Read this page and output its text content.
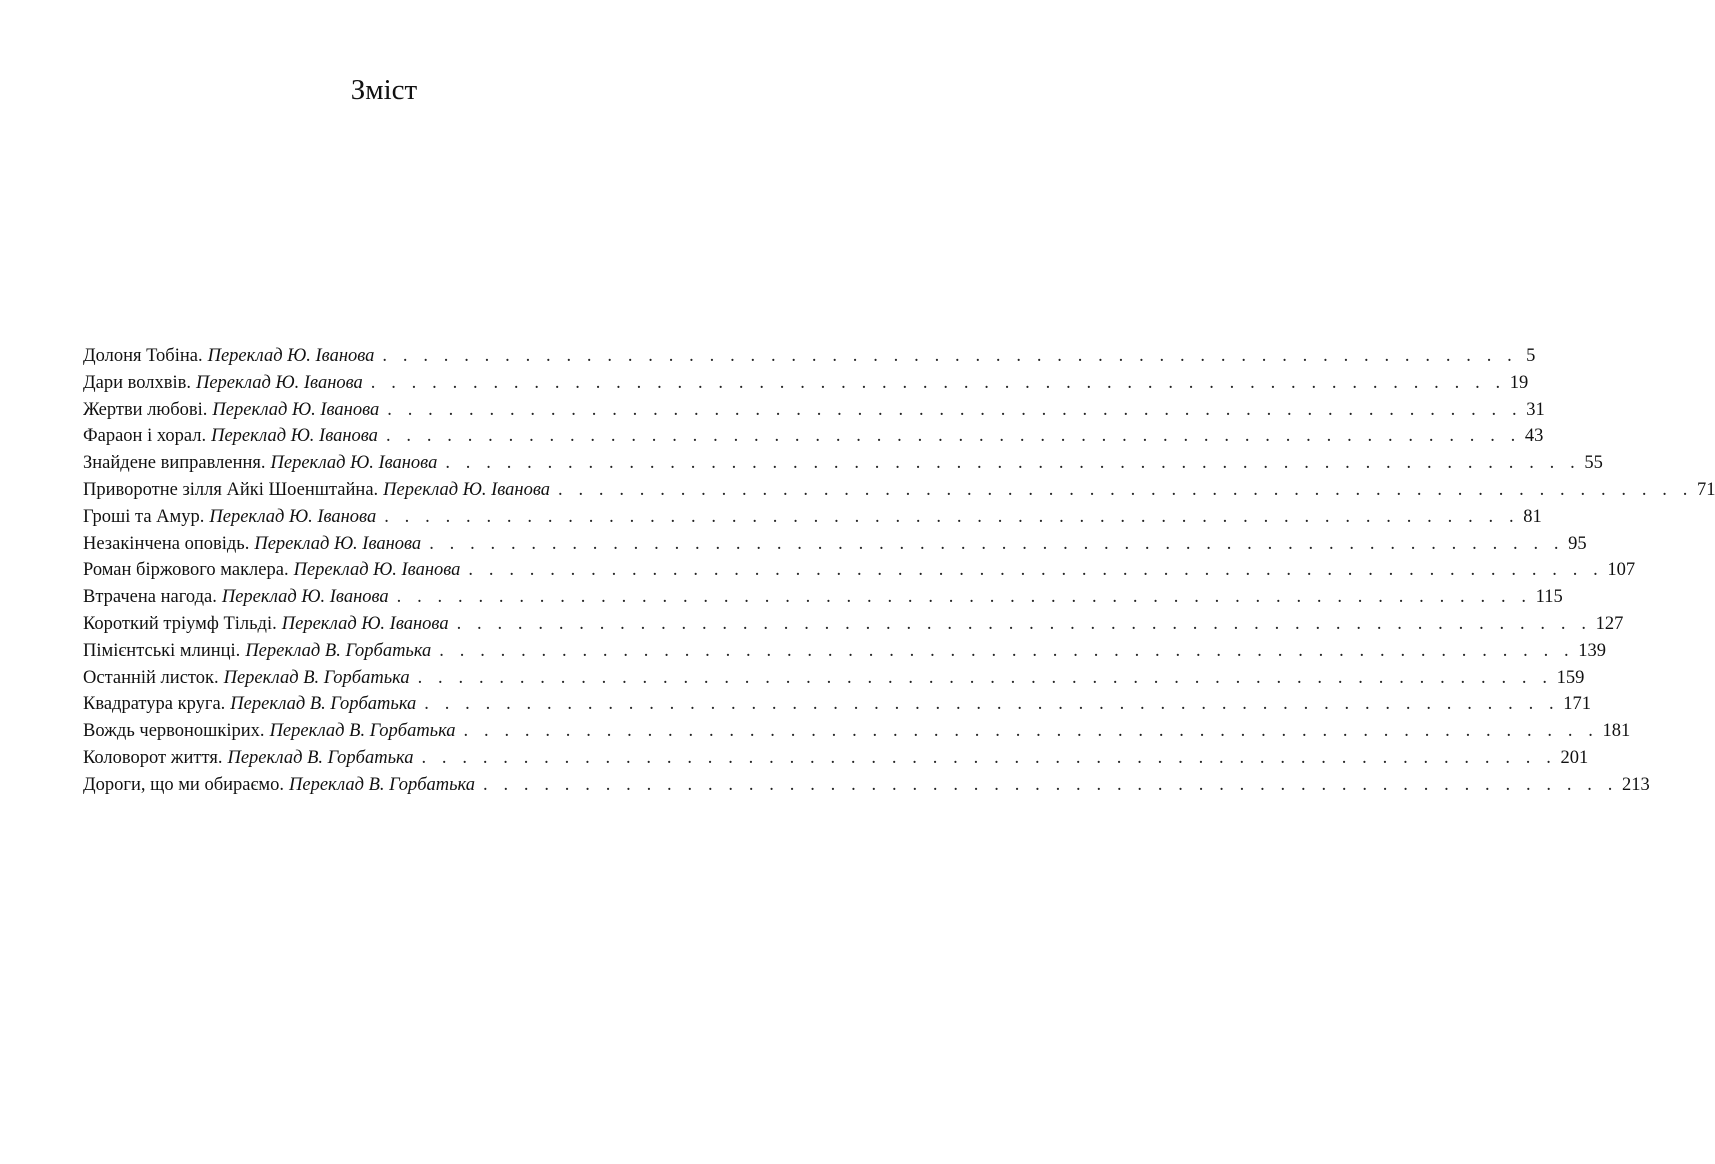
Зміст
Долоня Тобіна. Переклад Ю. Іванова . . . . . . . . . . . . . . . . . . . . . . . . . . . . . . . . . . . . . . . . . . . . . . . . . . . . . . . . 5
Дари волхвів. Переклад Ю. Іванова . . . . . . . . . . . . . . . . . . . . . . . . . . . . . . . . . . . . . . . . . . . . . . . . . . . . . . . . 19
Жертви любові. Переклад Ю. Іванова . . . . . . . . . . . . . . . . . . . . . . . . . . . . . . . . . . . . . . . . . . . . . . . . . . . . . . . . 31
Фараон і хорал. Переклад Ю. Іванова . . . . . . . . . . . . . . . . . . . . . . . . . . . . . . . . . . . . . . . . . . . . . . . . . . . . . . . . 43
Знайдене виправлення. Переклад Ю. Іванова . . . . . . . . . . . . . . . . . . . . . . . . . . . . . . . . . . . . . . . . . . . . . . . . . . . . . . . . 55
Приворотне зілля Айкі Шоенштайна. Переклад Ю. Іванова . . . . . . . . . . . . . . . . . . . . . . . . . . . . . . . . . . . . . . . . . . . . . . . . . . . . . . . . 71
Гроші та Амур. Переклад Ю. Іванова . . . . . . . . . . . . . . . . . . . . . . . . . . . . . . . . . . . . . . . . . . . . . . . . . . . . . . . . 81
Незакінчена оповідь. Переклад Ю. Іванова . . . . . . . . . . . . . . . . . . . . . . . . . . . . . . . . . . . . . . . . . . . . . . . . . . . . . . . . 95
Роман біржового маклера. Переклад Ю. Іванова . . . . . . . . . . . . . . . . . . . . . . . . . . . . . . . . . . . . . . . . . . . . . . . . . . . . . . . . 107
Втрачена нагода. Переклад Ю. Іванова . . . . . . . . . . . . . . . . . . . . . . . . . . . . . . . . . . . . . . . . . . . . . . . . . . . . . . . . 115
Короткий тріумф Тільді. Переклад Ю. Іванова . . . . . . . . . . . . . . . . . . . . . . . . . . . . . . . . . . . . . . . . . . . . . . . . . . . . . . . . 127
Пімієнтські млинці. Переклад В. Горбатька . . . . . . . . . . . . . . . . . . . . . . . . . . . . . . . . . . . . . . . . . . . . . . . . . . . . . . . . 139
Останній листок. Переклад В. Горбатька . . . . . . . . . . . . . . . . . . . . . . . . . . . . . . . . . . . . . . . . . . . . . . . . . . . . . . . . 159
Квадратура круга. Переклад В. Горбатька . . . . . . . . . . . . . . . . . . . . . . . . . . . . . . . . . . . . . . . . . . . . . . . . . . . . . . . . 171
Вождь червоношкірих. Переклад В. Горбатька . . . . . . . . . . . . . . . . . . . . . . . . . . . . . . . . . . . . . . . . . . . . . . . . . . . . . . . . 181
Коловорот життя. Переклад В. Горбатька . . . . . . . . . . . . . . . . . . . . . . . . . . . . . . . . . . . . . . . . . . . . . . . . . . . . . . . . 201
Дороги, що ми обираємо. Переклад В. Горбатька . . . . . . . . . . . . . . . . . . . . . . . . . . . . . . . . . . . . . . . . . . . . . . . . . . . . . . . . 213
